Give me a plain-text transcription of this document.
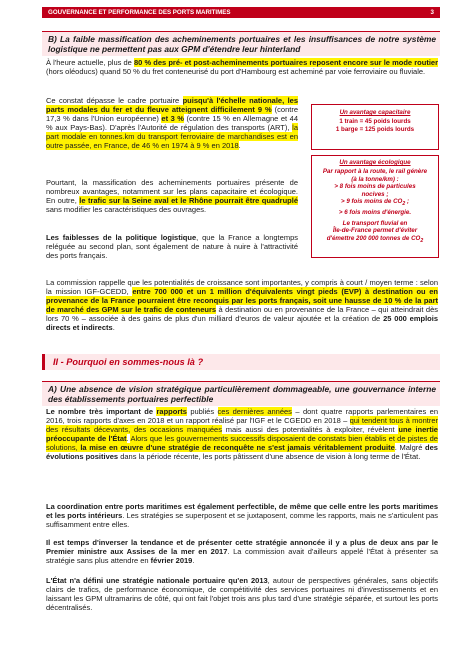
GOUVERNANCE ET PERFORMANCE DES PORTS MARITIMES	3

B) La faible massification des acheminements portuaires et les insuffisances de notre système logistique ne permettent pas aux GPM d'étendre leur hinterland

À l'heure actuelle, plus de 80 % des pré- et post-acheminements portuaires reposent encore sur le mode routier (hors oléoducs) quand 50 % du fret conteneurisé du port d'Hambourg est acheminé par voie ferroviaire ou fluviale.

Ce constat dépasse le cadre portuaire puisqu'à l'échelle nationale, les parts modales du fer et du fleuve atteignent difficilement 9 % (contre 17,3 % dans l'Union européenne) et 3 % (contre 15 % en Allemagne et 44 % aux Pays-Bas). D'après l'Autorité de régulation des transports (ART), la part modale en tonnes.km du transport ferroviaire de marchandises est en outre passée, en France, de 46 % en 1974 à 9 % en 2018.

Pourtant, la massification des acheminements portuaires présente de nombreux avantages, notamment sur les plans capacitaire et écologique. En outre, le trafic sur la Seine aval et le Rhône pourrait être quadruplé sans modifier les caractéristiques des ouvrages.

Les faiblesses de la politique logistique, que la France a longtemps reléguée au second plan, sont également de nature à nuire à l'attractivité des ports français.

Un avantage capacitaire
1 train = 45 poids lourds
1 barge = 125 poids lourds
Un avantage écologique
Par rapport à la route, le rail génère
(à la tonne/km) :
> 8 fois moins de particules
nocives ;
> 9 fois moins de $CO_2$ ;
> 6 fois moins d'énergie.
Le transport fluvial en
Île-de-France permet d'éviter
d'émettre 200 000 tonnes de $CO_2$

La commission rappelle que les potentialités de croissance sont importantes, y compris à court / moyen terme : selon la mission IGF-GCEDD, entre 700 000 et un 1 million d'équivalents vingt pieds (EVP) à destination ou en provenance de la France pourraient être reconquis par les ports français, soit une hausse de 10 % de la part de marché des GPM sur le trafic de conteneurs à destination ou en provenance de la France – qui atteindrait dès lors 70 % – associée à des gains de plus d'un milliard d'euros de valeur ajoutée et la création de 25 000 emplois directs et indirects.

II - Pourquoi en sommes-nous là ?

A) Une absence de vision stratégique particulièrement dommageable, une gouvernance interne des établissements portuaires perfectible

Le nombre très important de rapports publiés ces dernières années – dont quatre rapports parlementaires en 2016, trois rapports d'axes en 2018 et un rapport réalisé par l'IGF et le CGEDD en 2018 – qui tendent tous à montrer des résultats décevants, des occasions manquées mais aussi des potentialités à exploiter, révèlent une inertie préoccupante de l'État. Alors que les gouvernements successifs disposaient de constats bien établis et de pistes de solutions, la mise en œuvre d'une stratégie de reconquête ne s'est jamais véritablement produite. Malgré des évolutions positives dans la période récente, les ports pâtissent d'une absence de vision à long terme de l'État.

La coordination entre ports maritimes est également perfectible, de même que celle entre les ports maritimes et les ports intérieurs. Les stratégies se superposent et se juxtaposent, comme les rapports, mais ne s'articulent pas suffisamment entre elles.

Il est temps d'inverser la tendance et de présenter cette stratégie annoncée il y a plus de deux ans par le Premier ministre aux Assises de la mer en 2017. La commission avait d'ailleurs appelé l'État à présenter sa stratégie sans plus attendre en février 2019.

L'État n'a défini une stratégie nationale portuaire qu'en 2013, autour de perspectives générales, sans objectifs clairs de trafics, de performance économique, de compétitivité des services portuaires ni d'investissements et en laissant les GPM ultramarins de côté, qui ont fait l'objet trois ans plus tard d'une stratégie séparée, et surtout les ports décentralisés.
